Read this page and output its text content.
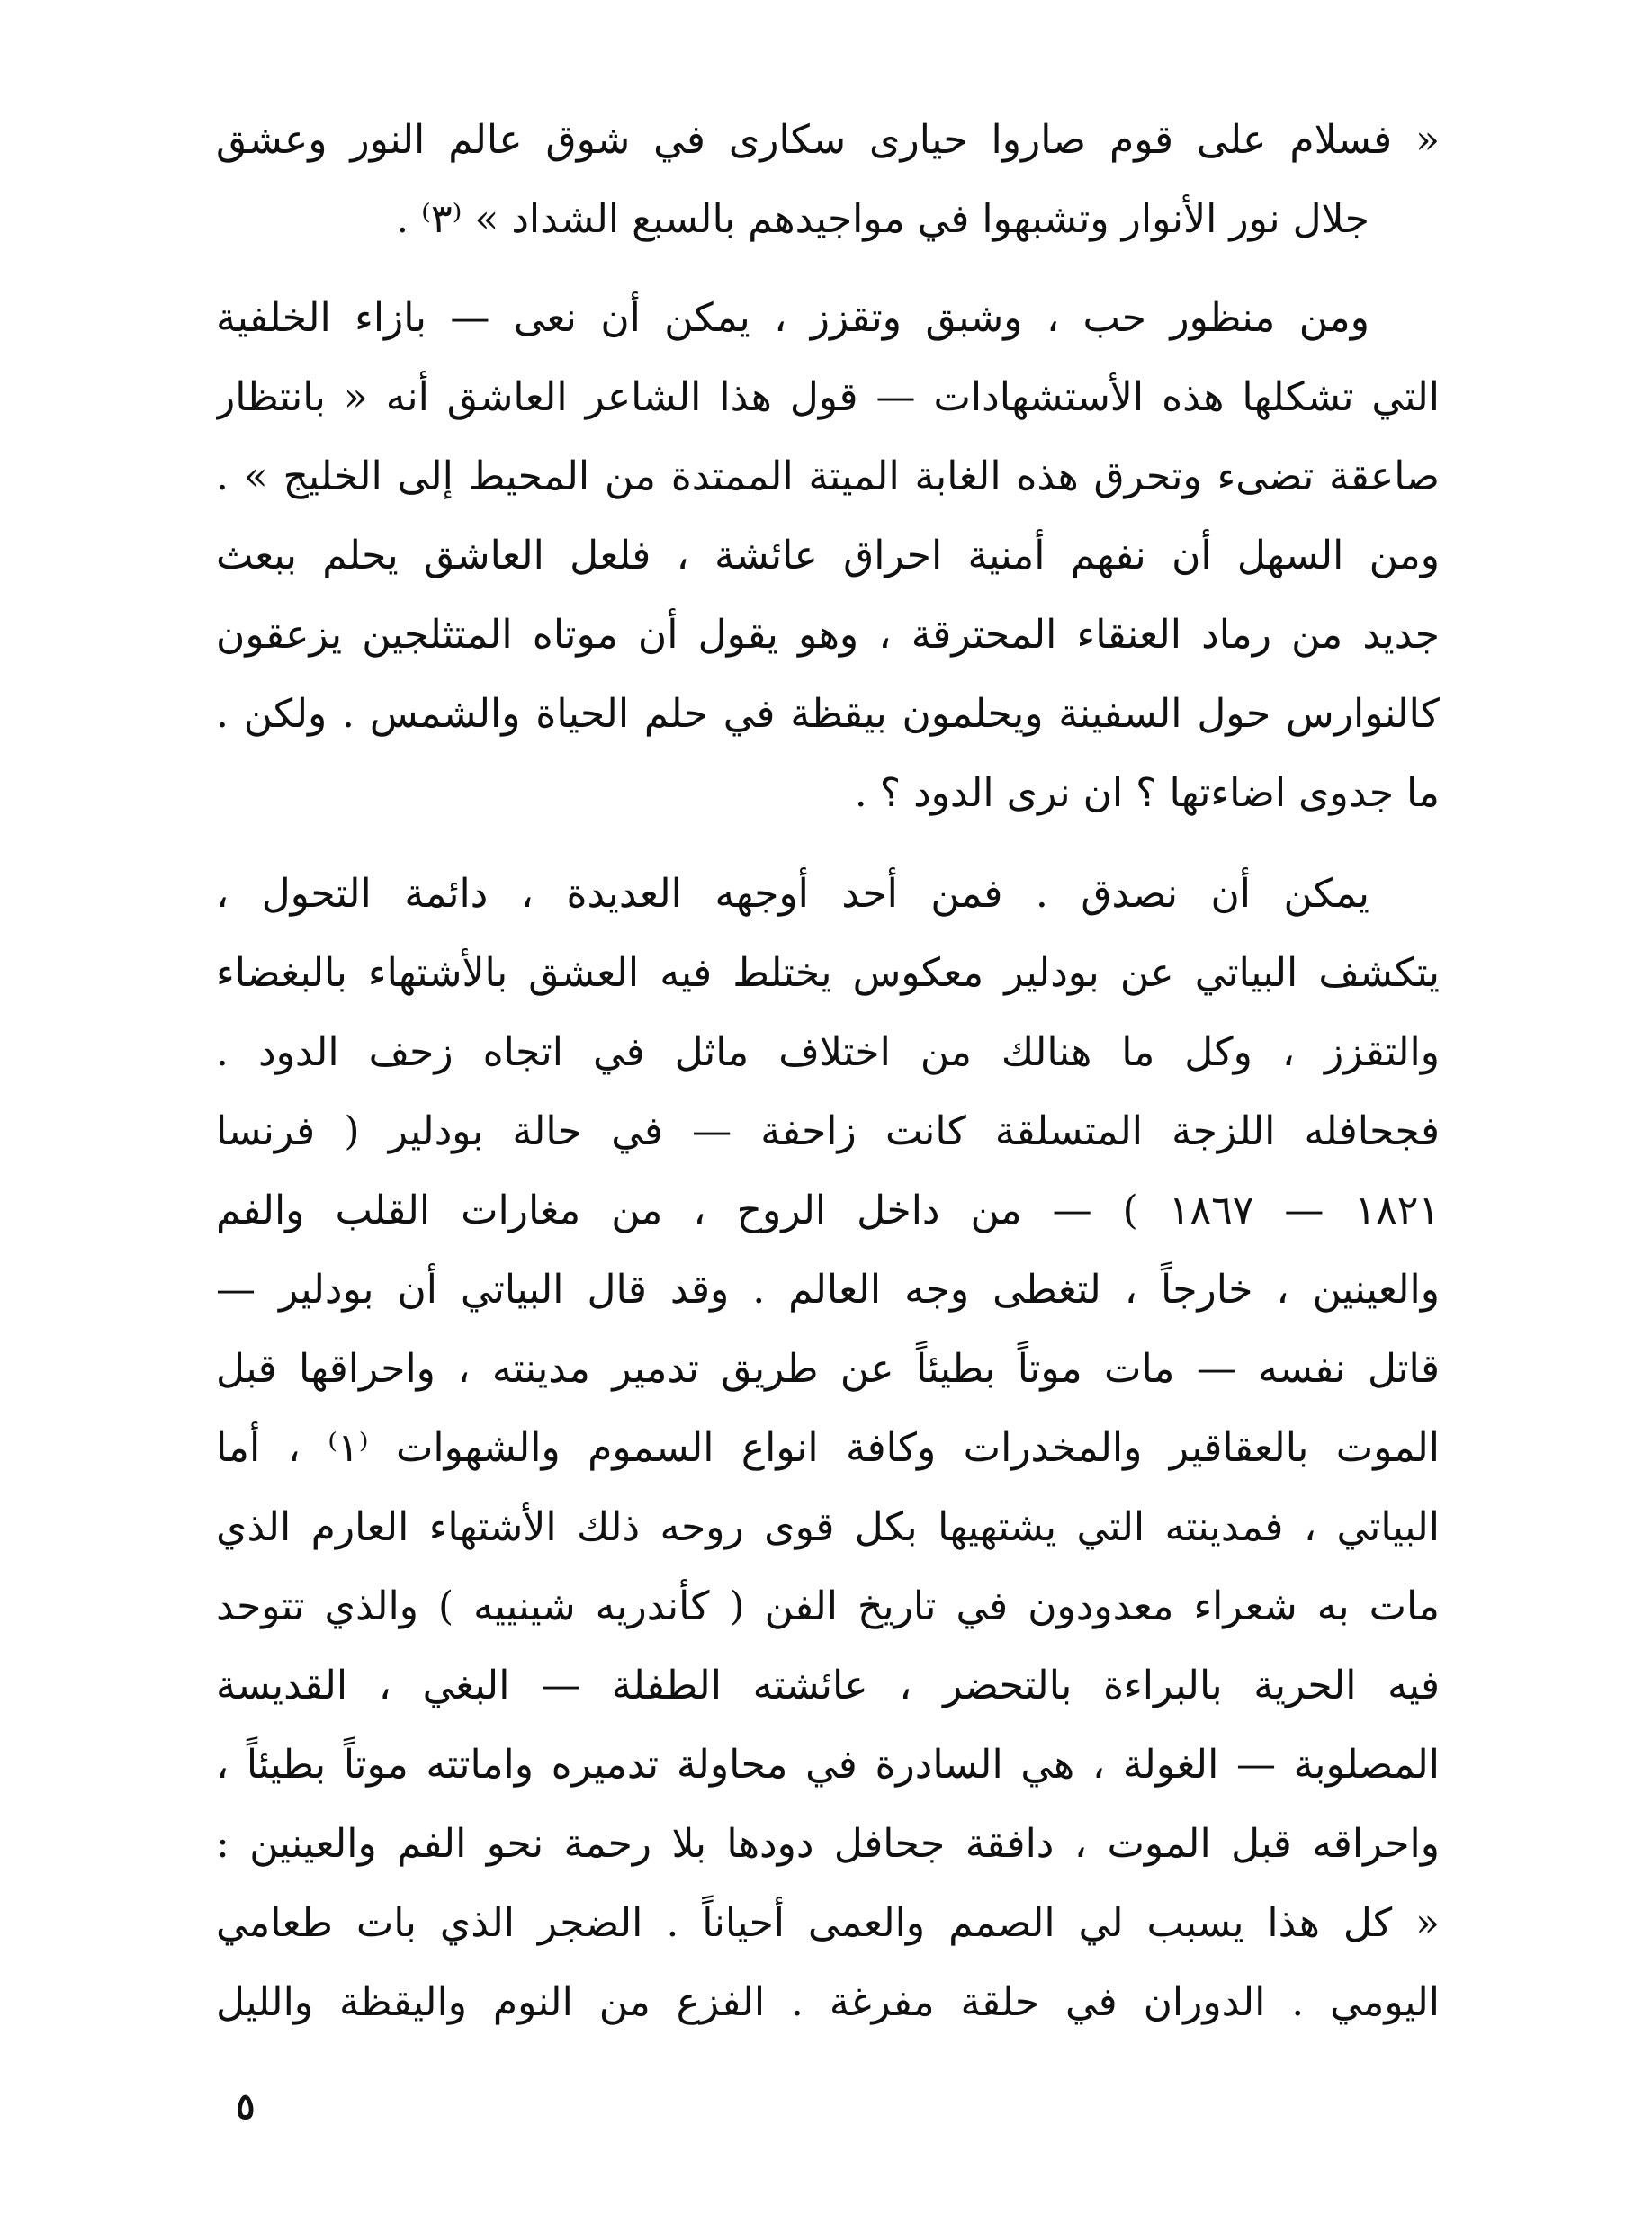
« فسلام على قوم صاروا حيارى سكارى في شوق عالم النور وعشق
جلال نور الأنوار وتشبهوا في مواجيدهم بالسبع الشداد » ⁽٣⁾ .
ومن منظور حب ، وشبق وتقزز ، يمكن أن نعى — بازاء الخلفية
التي تشكلها هذه الأستشهادات — قول هذا الشاعر العاشق أنه « بانتظار
صاعقة تضىء وتحرق هذه الغابة الميتة الممتدة من المحيط إلى الخليج » .
ومن السهل أن نفهم أمنية احراق عائشة ، فلعل العاشق يحلم ببعث
جديد من رماد العنقاء المحترقة ، وهو يقول أن موتاه المتثلجين يزعقون
كالنوارس حول السفينة ويحلمون بيقظة في حلم الحياة والشمس . ولكن .
ما جدوى اضاءتها ؟ ان نرى الدود ؟ .
يمكن أن نصدق . فمن أحد أوجهه العديدة ، دائمة التحول ،
يتكشف البياتي عن بودلير معكوس يختلط فيه العشق بالأشتهاء بالبغضاء
والتقزز ، وكل ما هنالك من اختلاف ماثل في اتجاه زحف الدود .
فجحافله اللزجة المتسلقة كانت زاحفة — في حالة بودلير ( فرنسا
١٨٢١ — ١٨٦٧ ) — من داخل الروح ، من مغارات القلب والفم
والعينين ، خارجاً ، لتغطى وجه العالم . وقد قال البياتي أن بودلير —
قاتل نفسه — مات موتاً بطيئاً عن طريق تدمير مدينته ، واحراقها قبل
الموت بالعقاقير والمخدرات وكافة انواع السموم والشهوات ⁽١⁾ ، أما
البياتي ، فمدينته التي يشتهيها بكل قوى روحه ذلك الأشتهاء العارم الذي
مات به شعراء معدودون في تاريخ الفن ( كأندريه شينييه ) والذي تتوحد
فيه الحرية بالبراءة بالتحضر ، عائشته الطفلة — البغي ، القديسة
المصلوبة — الغولة ، هي السادرة في محاولة تدميره واماتته موتاً بطيئاً ،
واحراقه قبل الموت ، دافقة جحافل دودها بلا رحمة نحو الفم والعينين :
« كل هذا يسبب لي الصمم والعمى أحياناً . الضجر الذي بات طعامي
اليومي . الدوران في حلقة مفرغة . الفزع من النوم واليقظة والليل
٥
